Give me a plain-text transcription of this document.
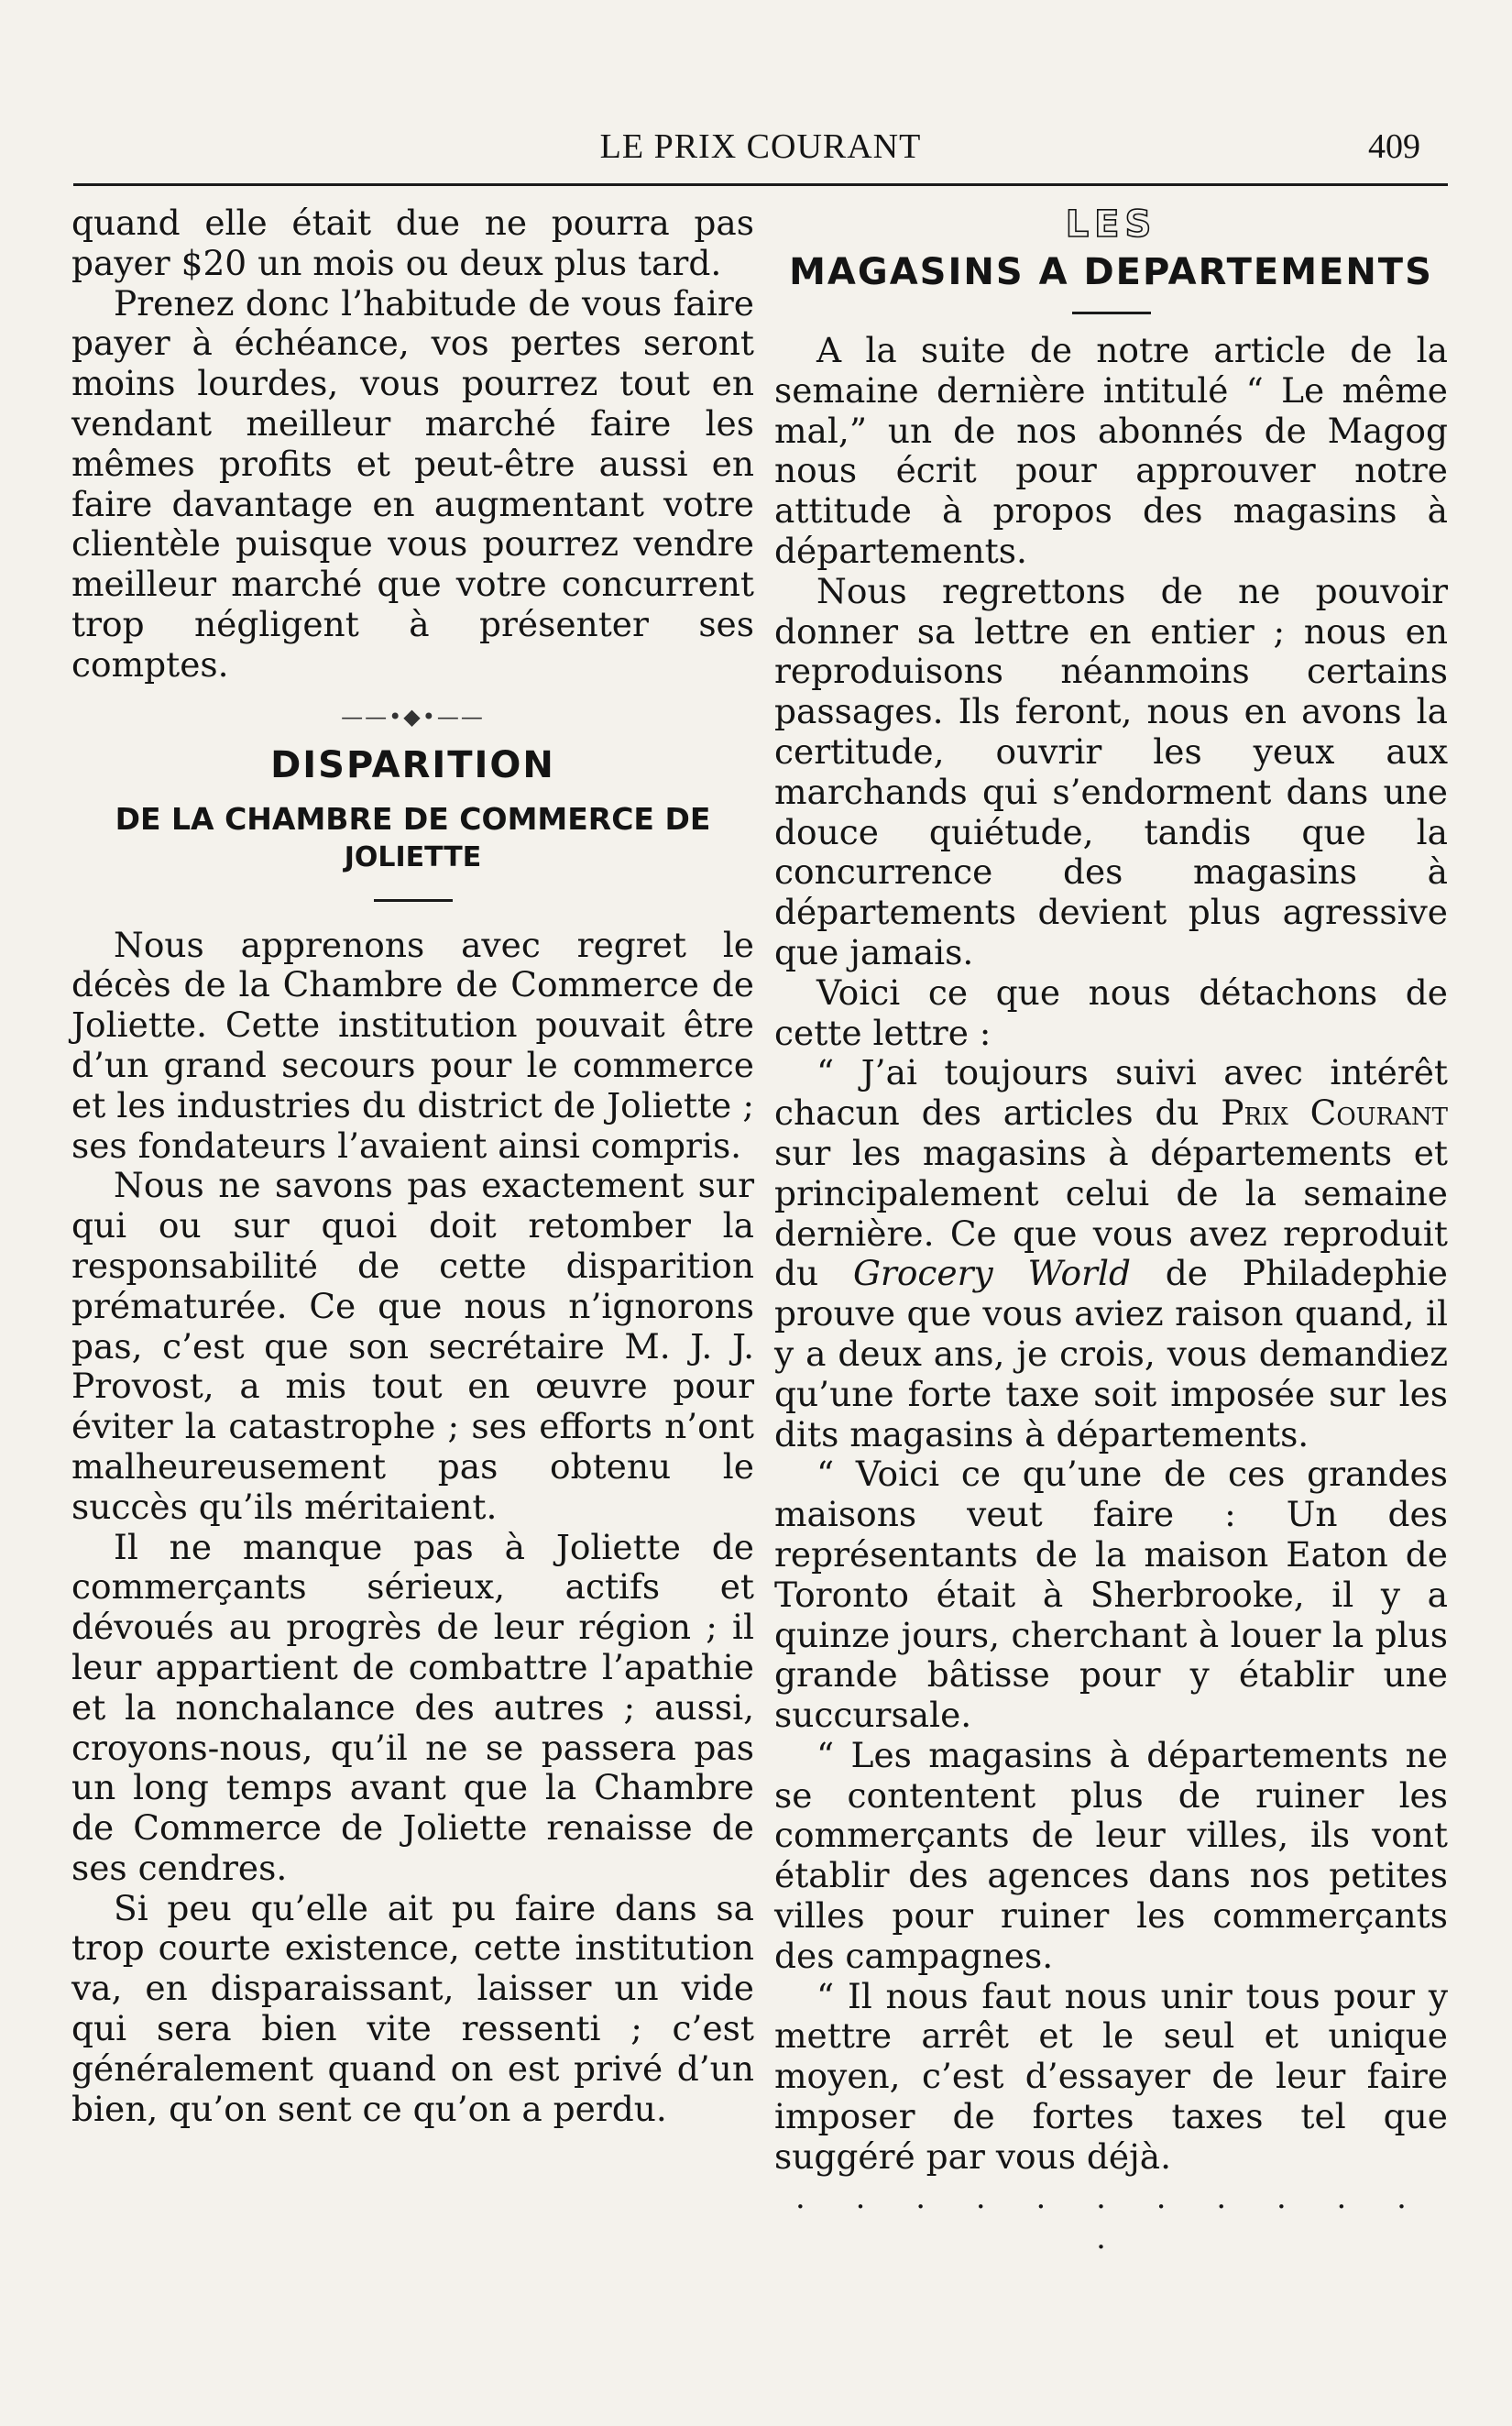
LE PRIX COURANT	409

quand elle était due ne pourra pas payer $20 un mois ou deux plus tard.

Prenez donc l’habitude de vous faire payer à échéance, vos pertes seront moins lourdes, vous pourrez tout en vendant meilleur marché faire les mêmes profits et peut-être aussi en faire davantage en augmentant votre clientèle puisque vous pourrez vendre meilleur marché que votre concurrent trop négligent à présenter ses comptes.

——•◆•——
DISPARITION
DE LA CHAMBRE DE COMMERCE DE
JOLIETTE

Nous apprenons avec regret le décès de la Chambre de Commerce de Joliette. Cette institution pouvait être d’un grand secours pour le commerce et les industries du district de Joliette ; ses fondateurs l’avaient ainsi compris.

Nous ne savons pas exactement sur qui ou sur quoi doit retomber la responsabilité de cette disparition prématurée. Ce que nous n’ignorons pas, c’est que son secrétaire M. J. J. Provost, a mis tout en œuvre pour éviter la catastrophe ; ses efforts n’ont malheureusement pas obtenu le succès qu’ils méritaient.

Il ne manque pas à Joliette de commerçants sérieux, actifs et dévoués au progrès de leur région ; il leur appartient de combattre l’apathie et la nonchalance des autres ; aussi, croyons-nous, qu’il ne se passera pas un long temps avant que la Chambre de Commerce de Joliette renaisse de ses cendres.

Si peu qu’elle ait pu faire dans sa trop courte existence, cette institution va, en disparaissant, laisser un vide qui sera bien vite ressenti ; c’est généralement quand on est privé d’un bien, qu’on sent ce qu’on a perdu.

LES
MAGASINS A DEPARTEMENTS

A la suite de notre article de la semaine dernière intitulé “ Le même mal,” un de nos abonnés de Magog nous écrit pour approuver notre attitude à propos des magasins à départements.

Nous regrettons de ne pouvoir donner sa lettre en entier ; nous en reproduisons néanmoins certains passages. Ils feront, nous en avons la certitude, ouvrir les yeux aux marchands qui s’endorment dans une douce quiétude, tandis que la concurrence des magasins à départements devient plus agressive que jamais.

Voici ce que nous détachons de cette lettre :

“ J’ai toujours suivi avec intérêt chacun des articles du Prix Courant sur les magasins à départements et principalement celui de la semaine dernière. Ce que vous avez reproduit du Grocery World de Philadephie prouve que vous aviez raison quand, il y a deux ans, je crois, vous demandiez qu’une forte taxe soit imposée sur les dits magasins à départements.

“ Voici ce qu’une de ces grandes maisons veut faire : Un des représentants de la maison Eaton de Toronto était à Sherbrooke, il y a quinze jours, cherchant à louer la plus grande bâtisse pour y établir une succursale.

“ Les magasins à départements ne se contentent plus de ruiner les commerçants de leur villes, ils vont établir des agences dans nos petites villes pour ruiner les commerçants des campagnes.

“ Il nous faut nous unir tous pour y mettre arrêt et le seul et unique moyen, c’est d’essayer de leur faire imposer de fortes taxes tel que suggéré par vous déjà.

· · · · · · · · · · · ·
